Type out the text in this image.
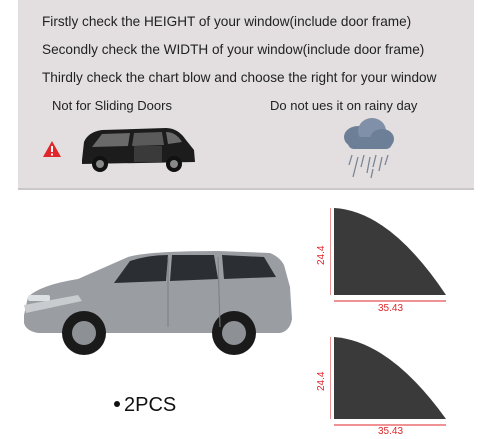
Firstly check the HEIGHT of your window(include door frame)
Secondly check the WIDTH of your window(include door frame)
Thirdly check the chart blow and choose the right for your window
Not for Sliding Doors	Do not ues it on rainy day
24.4
35.43
24.4
35.43
2PCS
